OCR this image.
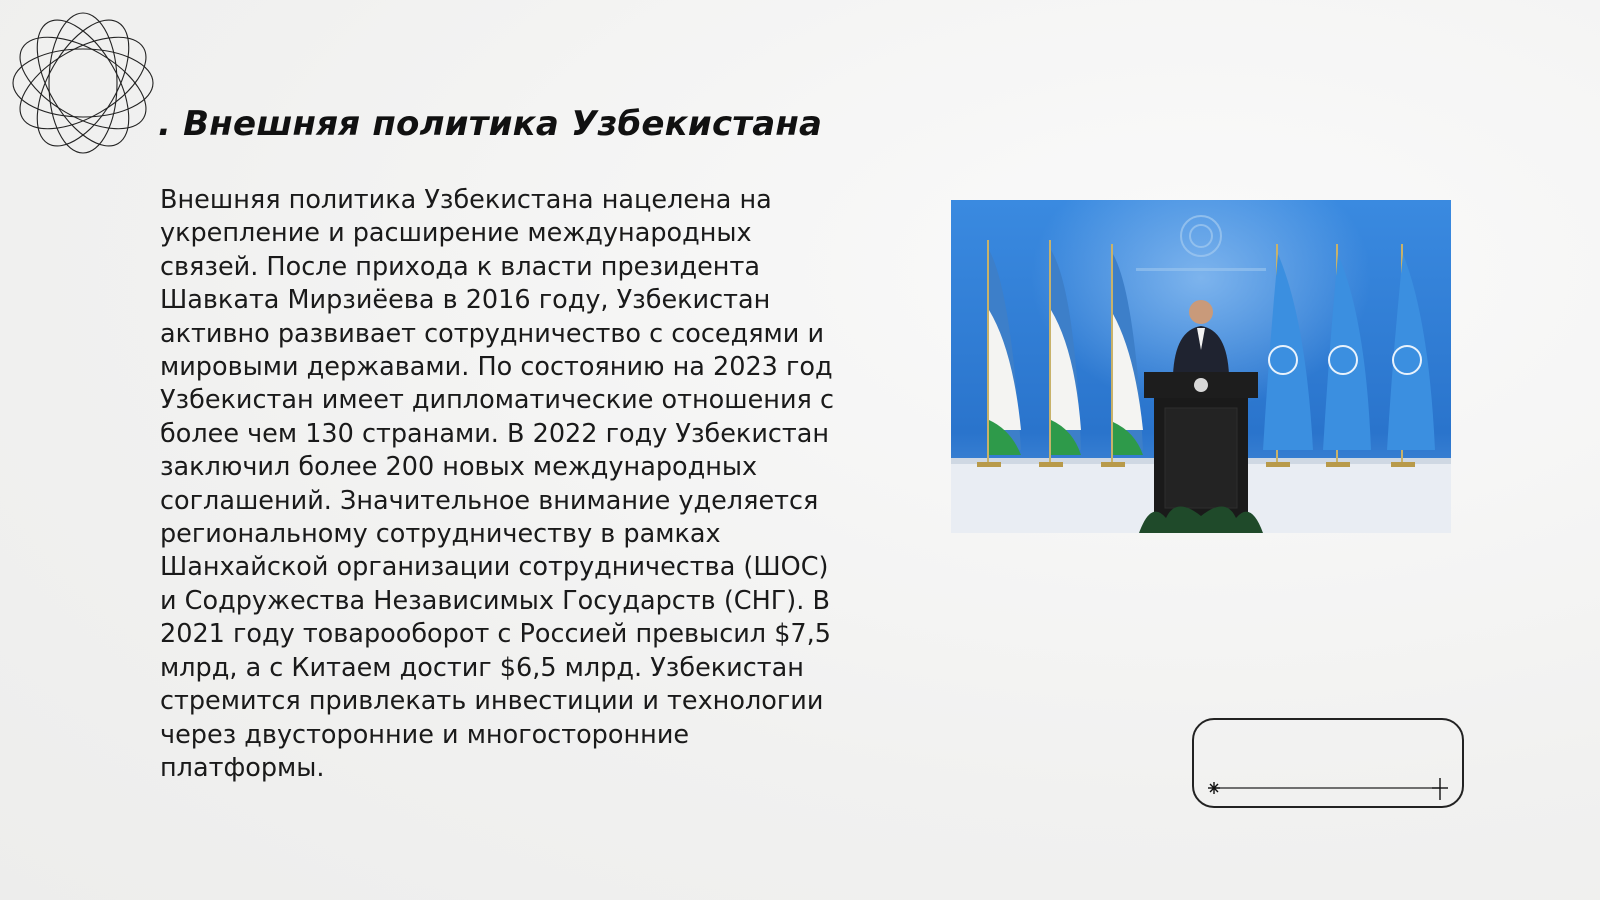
. Внешняя политика Узбекистана

Внешняя политика Узбекистана нацелена на укрепление и расширение международных связей. После прихода к власти президента Шавката Мирзиёева в 2016 году, Узбекистан активно развивает сотрудничество с соседями и мировыми державами. По состоянию на 2023 год Узбекистан имеет дипломатические отношения с более чем 130 странами. В 2022 году Узбекистан заключил более 200 новых международных соглашений. Значительное внимание уделяется региональному сотрудничеству в рамках Шанхайской организации сотрудничества (ШОС) и Содружества Независимых Государств (СНГ). В 2021 году товарооборот с Россией превысил $7,5 млрд, а с Китаем достиг $6,5 млрд. Узбекистан стремится привлекать инвестиции и технологии через двусторонние и многосторонние платформы.
